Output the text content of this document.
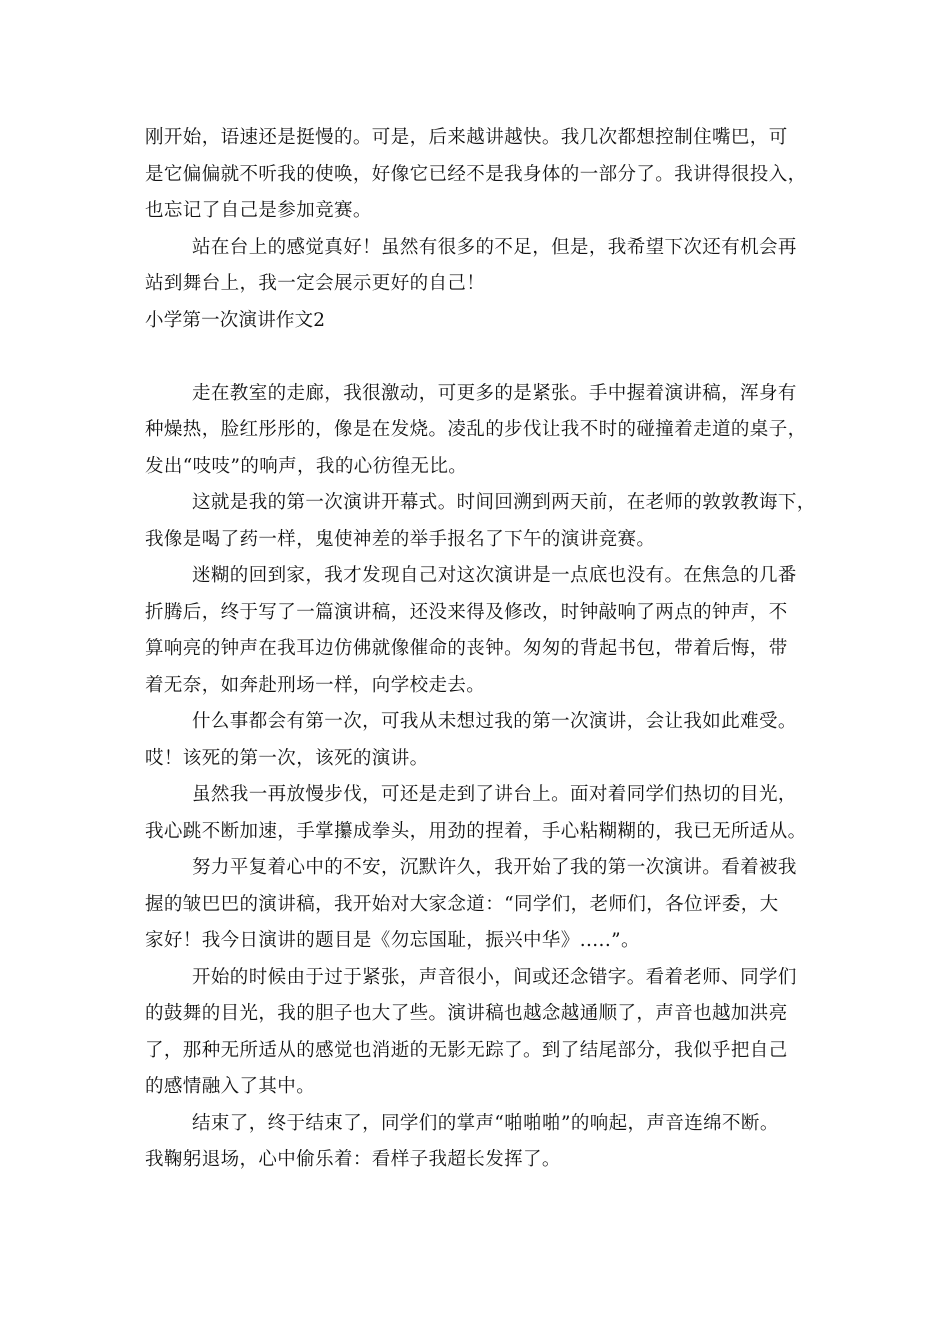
刚开始，语速还是挺慢的。可是，后来越讲越快。我几次都想控制住嘴巴，可
是它偏偏就不听我的使唤，好像它已经不是我身体的一部分了。我讲得很投入，
也忘记了自己是参加竞赛。
站在台上的感觉真好！虽然有很多的不足，但是，我希望下次还有机会再
站到舞台上，我一定会展示更好的自己！
小学第一次演讲作文2
走在教室的走廊，我很激动，可更多的是紧张。手中握着演讲稿，浑身有
种燥热，脸红彤彤的，像是在发烧。凌乱的步伐让我不时的碰撞着走道的桌子，
发出“吱吱”的响声，我的心彷徨无比。
这就是我的第一次演讲开幕式。时间回溯到两天前，在老师的敦敦教诲下，
我像是喝了药一样，鬼使神差的举手报名了下午的演讲竞赛。
迷糊的回到家，我才发现自己对这次演讲是一点底也没有。在焦急的几番
折腾后，终于写了一篇演讲稿，还没来得及修改，时钟敲响了两点的钟声，不
算响亮的钟声在我耳边仿佛就像催命的丧钟。匆匆的背起书包，带着后悔，带
着无奈，如奔赴刑场一样，向学校走去。
什么事都会有第一次，可我从未想过我的第一次演讲，会让我如此难受。
哎！该死的第一次，该死的演讲。
虽然我一再放慢步伐，可还是走到了讲台上。面对着同学们热切的目光，
我心跳不断加速，手掌攥成拳头，用劲的捏着，手心粘糊糊的，我已无所适从。
努力平复着心中的不安，沉默许久，我开始了我的第一次演讲。看着被我
握的皱巴巴的演讲稿，我开始对大家念道：“同学们，老师们，各位评委，大
家好！我今日演讲的题目是《勿忘国耻，振兴中华》.....”。
开始的时候由于过于紧张，声音很小，间或还念错字。看着老师、同学们
的鼓舞的目光，我的胆子也大了些。演讲稿也越念越通顺了，声音也越加洪亮
了，那种无所适从的感觉也消逝的无影无踪了。到了结尾部分，我似乎把自己
的感情融入了其中。
结束了，终于结束了，同学们的掌声“啪啪啪”的响起，声音连绵不断。
我鞠躬退场，心中偷乐着：看样子我超长发挥了。
